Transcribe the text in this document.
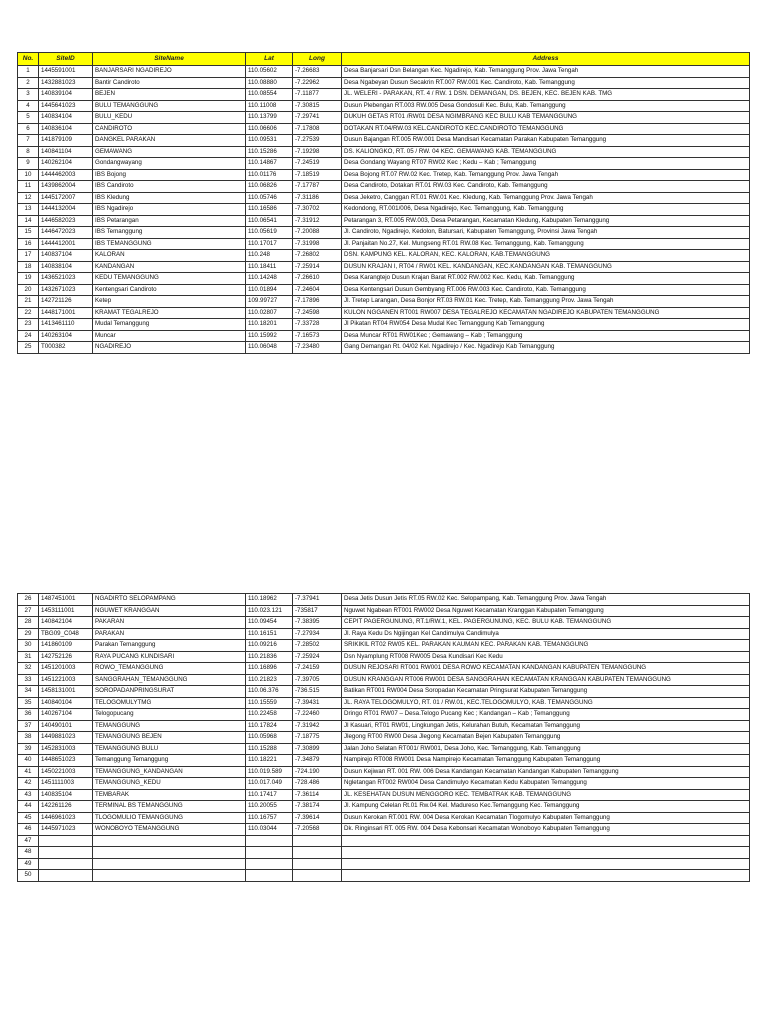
No.	SiteID	SiteName	Lat	Long	Address
1	1445591001	BANJARSARI NGADIREJO	110.05602	-7.26683	Desa Banjarsari Dsn Belangan Kec. Ngadirejo, Kab. Temanggung Prov. Jawa Tengah
2	1432881023	Bantir Candiroto	110.08880	-7.22962	Desa Ngabeyan Dusun Secakrin RT.007 RW.001 Kec. Candiroto, Kab. Temanggung
3	140839104	BEJEN	110.08554	-7.11877	JL. WELERI - PARAKAN, RT. 4 / RW. 1 DSN. DEMANGAN, DS. BEJEN, KEC. BEJEN KAB. TMG
4	1445641023	BULU TEMANGGUNG	110.11008	-7.30815	Dusun Plebengan RT.003 RW.005 Desa Gondosuli Kec. Bulu, Kab. Temanggung
5	140834104	BULU_KEDU	110.13799	-7.29741	DUKUH GETAS RT01 /RW01 DESA NGIMBRANG KEC BULU KAB TEMANGGUNG
6	140836104	CANDIROTO	110.06606	-7.17808	DOTAKAN RT.04/RW.03 KEL.CANDIROTO KEC.CANDIROTO TEMANGGUNG
7	141879109	DANGKEL PARAKAN	110.09531	-7.27539	Dusun Bajangan RT.005 RW.001 Desa Mandisari Kecamatan Parakan Kabupaten Temanggung
8	140841104	GEMAWANG	110.15286	-7.19298	DS. KALIONGKO, RT. 05 / RW. 04 KEC. GEMAWANG KAB. TEMANGGUNG
9	140262104	Gondangwayang	110.14867	-7.24519	Desa Gondang Wayang RT07 RW02 Kec ; Kedu – Kab ; Temanggung
10	1444462003	IBS Bojong	110.01176	-7.18519	Desa Bojong RT.07 RW.02 Kec. Tretep, Kab. Temanggung Prov. Jawa Tengah
11	1439862004	IBS Candiroto	110.06826	-7.17787	Desa Candiroto, Dotakan RT.01 RW.03 Kec. Candiroto, Kab. Temanggung
12	1445172007	IBS Kledung	110.05746	-7.31186	Desa Jeketro, Canggan RT.01 RW.01 Kec. Kledung, Kab. Temanggung Prov. Jawa Tengah
13	1444132004	IBS Ngadirejo	110.16586	-7.30702	Kedondong, RT.001/006, Desa Ngadirejo, Kec. Temanggung, Kab. Temanggung
14	1446582023	IBS Petarangan	110.06541	-7.31912	Petarangan 3, RT.005 RW.003, Desa Petarangan, Kecamatan Kledung, Kabupaten Temanggung
15	1446472023	IBS Temanggung	110.05619	-7.20088	Jl. Candiroto, Ngadirejo, Kedolon, Batursari, Kabupaten Temanggung, Provinsi Jawa Tengah
16	1444412001	IBS TEMANGGUNG	110.17017	-7.31998	Jl. Panjaitan No.27, Kel. Mungseng RT.01 RW.08 Kec. Temanggung, Kab. Temanggung
17	140837104	KALORAN	110.248	-7.26802	DSN. KAMPUNG KEL. KALORAN, KEC. KALORAN, KAB.TEMANGGUNG
18	140838104	KANDANGAN	110.18411	-7.25914	DUSUN KRAJAN I, RT04 / RW01 KEL. KANDANGAN, KEC.KANDANGAN KAB. TEMANGGUNG
19	1436521023	KEDU TEMANGGUNG	110.14248	-7.26610	Desa Karangtejo Dusun Krajan Barat RT.002 RW.002 Kec. Kedu, Kab. Temanggung
20	1432671023	Kentengsari Candiroto	110.01894	-7.24604	Desa Kentengsari Dusun Gembyang RT.006 RW.003 Kec. Candiroto, Kab. Temanggung
21	142721126	Ketep	109.99727	-7.17896	Jl. Tretep Larangan, Desa Bonjor RT.03 RW.01 Kec. Tretep, Kab. Temanggung Prov. Jawa Tengah
22	1448171001	KRAMAT TEGALREJO	110.02807	-7.24598	KULON NGGANEN RT001 RW007 DESA TEGALREJO KECAMATAN NGADIREJO KABUPATEN TEMANGGUNG
23	1413461110	Mudal Temanggung	110.18201	-7.33728	Jl Pikatan RT04 RW054 Desa Mudal Kec Temanggung Kab Temanggung
24	140263104	Muncar	110.15992	-7.16573	Desa Muncar RT01 RW01Kec ; Gemawang – Kab ; Temanggung
25	T000382	NGADIREJO	110.06048	-7.23480	Gang Demangan Rt. 04/02 Kel. Ngadirejo / Kec. Ngadirejo Kab Temanggung
26	1487451001	NGADIRTO SELOPAMPANG	110.18962	-7.37941	Desa Jetis Dusun Jetis RT.05 RW.02 Kec. Selopampang, Kab. Temanggung Prov. Jawa Tengah
27	1453111001	NGUWET KRANGGAN	110.023.121	-735817	Nguwet Ngabean RT001 RW002 Desa Nguwet Kecamatan Kranggan Kabupaten Temanggung
28	140842104	PAKARAN	110.09454	-7.38395	CEPIT PAGERGUNUNG, RT.1/RW.1, KEL. PAGERGUNUNG, KEC. BULU KAB. TEMANGGUNG
29	TBG09_C048	PARAKAN	110.16151	-7.27934	Jl. Raya Kedu Ds Ngijingan Kel Candimulya Candimulya
30	141860109	Parakan Temanggung	110.09216	-7.28502	SRIKIKIL RT02 RW05 KEL. PARAKAN KAUMAN KEC. PARAKAN KAB. TEMANGGUNG
31	142752126	RAYA PUCANG KUNDISARI	110.21836	-7.25924	Dsn Nyamplung RT008 RW005 Desa Kundisari Kec Kedu
32	1451201003	ROWO_TEMANGGUNG	110.16896	-7.24159	DUSUN REJOSARI RT001 RW001 DESA ROWO KECAMATAN KANDANGAN KABUPATEN TEMANGGUNG
33	1451221003	SANGGRAHAN_TEMANGGUNG	110.21823	-7.39705	DUSUN KRANGGAN RT006 RW001 DESA SANGGRAHAN KECAMATAN KRANGGAN KABUPATEN TEMANGGUNG
34	1458131001	SOROPADANPRINGSURAT	110.06.376	-736.515	Batikan RT001 RW004 Desa Soropadan Kecamatan Pringsurat Kabupaten Temanggung
35	140840104	TELOGOMULYTMG	110.15559	-7.39431	JL. RAYA TELOGOMULYO, RT. 01 / RW.01, KEC.TELOGOMULYO, KAB. TEMANGGUNG
36	140267104	Telogopucang	110.22458	-7.22460	Dringo RT01 RW07 – Desa.Telogo Pucang Kec ; Kandangan – Kab ; Temanggung
37	140490101	TEMANGGUNG	110.17824	-7.31942	Jl Kasuari, RT01 RW01, Lingkungan Jetis, Kelurahan Butuh, Kecamatan Temanggung
38	1449881023	TEMANGGUNG BEJEN	110.05968	-7.18775	Jlegong RT00 RW00 Desa Jlegong Kecamatan Bejen Kabupaten Temanggung
39	1452831003	TEMANGGUNG BULU	110.15288	-7.30899	Jalan Joho Selatan RT001/ RW001, Desa Joho, Kec. Temanggung, Kab. Temanggung
40	1448651023	Temanggung Temanggung	110.18221	-7.34879	Nampirejo RT008 RW001 Desa Nampirejo Kecamatan Temanggung Kabupaten Temanggung
41	1450221003	TEMANGGUNG_KANDANGAN	110.019.589	-724.190	Dusun Kejiwan RT. 001 RW. 006 Desa Kandangan Kecamatan Kandangan Kabupaten Temanggung
42	1451111003	TEMANGGUNG_KEDU	110.017.049	-728.486	Ngletangan RT002 RW004 Desa Candimulyo Kecamatan Kedu Kabupaten Temanggung
43	140835104	TEMBARAK	110.17417	-7.36114	JL. KESEHATAN DUSUN MENGGORO KEC. TEMBATRAK KAB. TEMANGGUNG
44	142261126	TERMINAL BS TEMANGGUNG	110.20055	-7.38174	Jl. Kampung Celelan Rt.01 Rw.04 Kel. Madureso Kec.Temanggung Kec. Temanggung
45	1446961023	TLOGOMULIO TEMANGGUNG	110.16757	-7.39614	Dusun Kerokan RT.001 RW. 004 Desa Kerokan Kecamatan Tlogomulyo Kabupaten Temanggung
46	1445971023	WONOBOYO TEMANGGUNG	110.03044	-7.20568	Dk. Ringinsari RT. 005 RW. 004 Desa Kebonsari Kecamatan Wonoboyo Kabupaten Temanggung
47					
48					
49					
50					
